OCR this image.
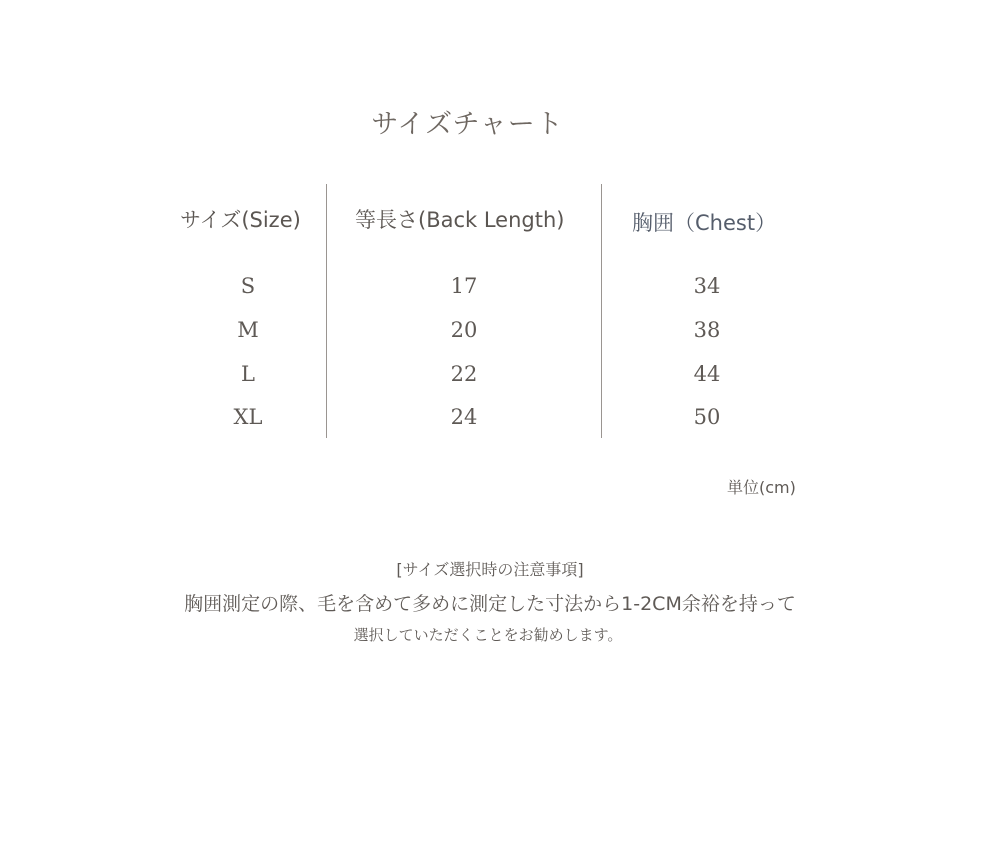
サイズチャート
サイズ(Size)	等長さ(Back Length)	胸囲（Chest）
S	17	34
M	20	38
L	22	44
XL	24	50
単位(cm)
[サイズ選択時の注意事項]
胸囲測定の際、毛を含めて多めに測定した寸法から1-2CM余裕を持って
選択していただくことをお勧めします。
